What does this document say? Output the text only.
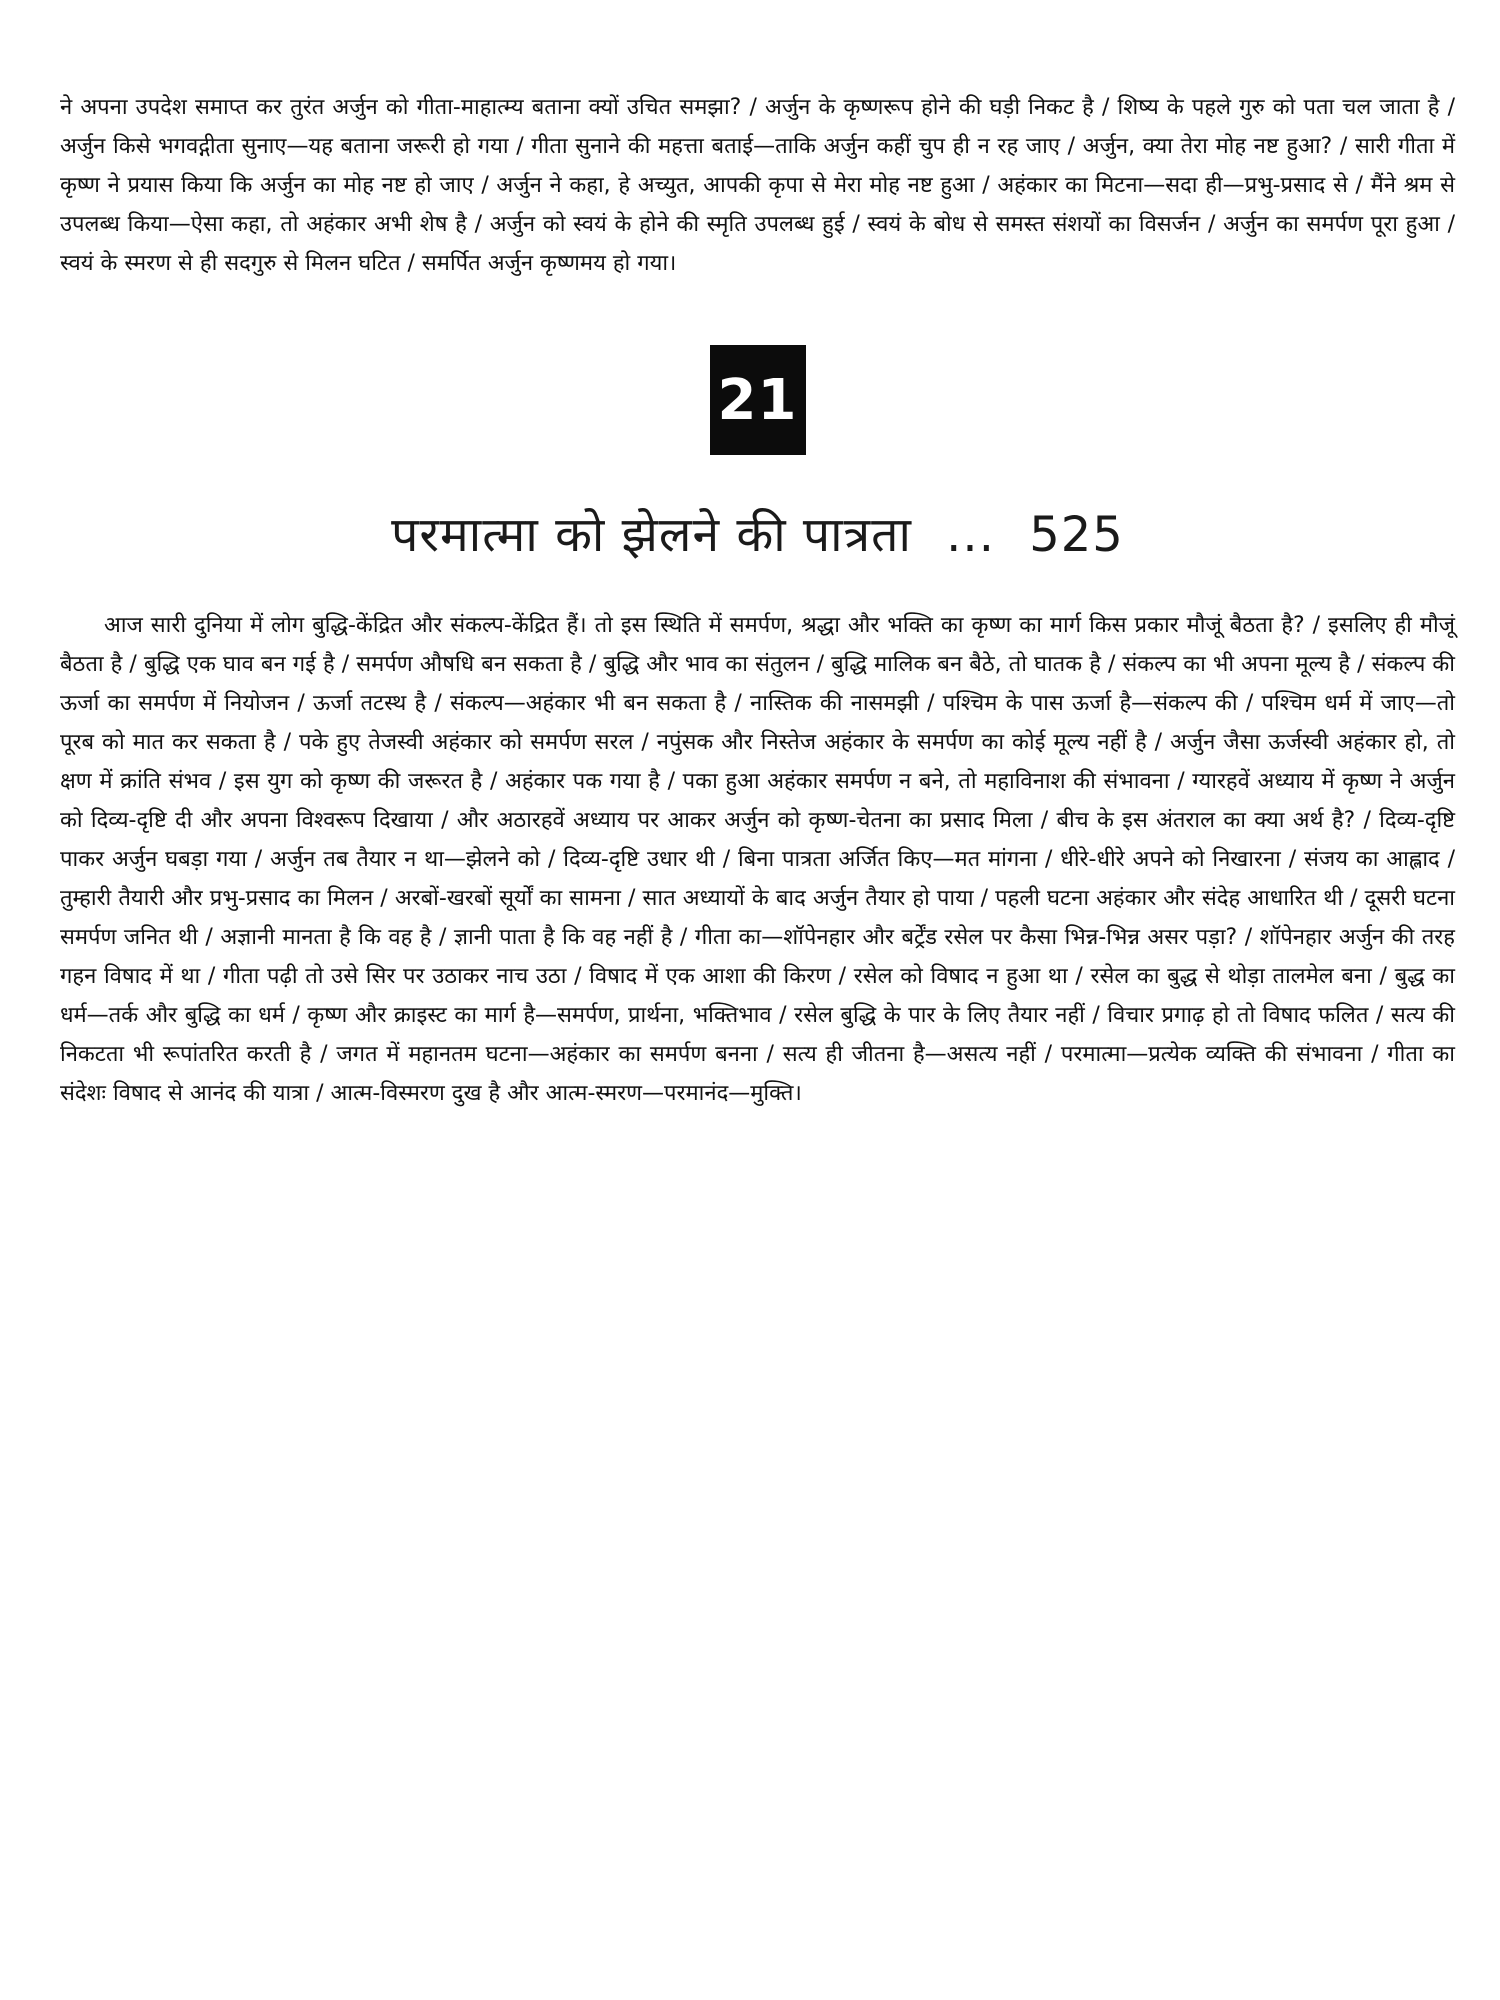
ने अपना उपदेश समाप्त कर तुरंत अर्जुन को गीता-माहात्म्य बताना क्यों उचित समझा? / अर्जुन के कृष्णरूप होने की घड़ी निकट है / शिष्य के पहले गुरु को पता चल जाता है / अर्जुन किसे भगवद्गीता सुनाए—यह बताना जरूरी हो गया / गीता सुनाने की महत्ता बताई—ताकि अर्जुन कहीं चुप ही न रह जाए / अर्जुन, क्या तेरा मोह नष्ट हुआ? / सारी गीता में कृष्ण ने प्रयास किया कि अर्जुन का मोह नष्ट हो जाए / अर्जुन ने कहा, हे अच्युत, आपकी कृपा से मेरा मोह नष्ट हुआ / अहंकार का मिटना—सदा ही—प्रभु-प्रसाद से / मैंने श्रम से उपलब्ध किया—ऐसा कहा, तो अहंकार अभी शेष है / अर्जुन को स्वयं के होने की स्मृति उपलब्ध हुई / स्वयं के बोध से समस्त संशयों का विसर्जन / अर्जुन का समर्पण पूरा हुआ / स्वयं के स्मरण से ही सदगुरु से मिलन घटित / समर्पित अर्जुन कृष्णमय हो गया।

21
परमात्मा को झेलने की पात्रता ... 525

आज सारी दुनिया में लोग बुद्धि-केंद्रित और संकल्प-केंद्रित हैं। तो इस स्थिति में समर्पण, श्रद्धा और भक्ति का कृष्ण का मार्ग किस प्रकार मौजूं बैठता है? / इसलिए ही मौजूं बैठता है / बुद्धि एक घाव बन गई है / समर्पण औषधि बन सकता है / बुद्धि और भाव का संतुलन / बुद्धि मालिक बन बैठे, तो घातक है / संकल्प का भी अपना मूल्य है / संकल्प की ऊर्जा का समर्पण में नियोजन / ऊर्जा तटस्थ है / संकल्प—अहंकार भी बन सकता है / नास्तिक की नासमझी / पश्चिम के पास ऊर्जा है—संकल्प की / पश्चिम धर्म में जाए—तो पूरब को मात कर सकता है / पके हुए तेजस्वी अहंकार को समर्पण सरल / नपुंसक और निस्तेज अहंकार के समर्पण का कोई मूल्य नहीं है / अर्जुन जैसा ऊर्जस्वी अहंकार हो, तो क्षण में क्रांति संभव / इस युग को कृष्ण की जरूरत है / अहंकार पक गया है / पका हुआ अहंकार समर्पण न बने, तो महाविनाश की संभावना / ग्यारहवें अध्याय में कृष्ण ने अर्जुन को दिव्य-दृष्टि दी और अपना विश्वरूप दिखाया / और अठारहवें अध्याय पर आकर अर्जुन को कृष्ण-चेतना का प्रसाद मिला / बीच के इस अंतराल का क्या अर्थ है? / दिव्य-दृष्टि पाकर अर्जुन घबड़ा गया / अर्जुन तब तैयार न था—झेलने को / दिव्य-दृष्टि उधार थी / बिना पात्रता अर्जित किए—मत मांगना / धीरे-धीरे अपने को निखारना / संजय का आह्लाद / तुम्हारी तैयारी और प्रभु-प्रसाद का मिलन / अरबों-खरबों सूर्यों का सामना / सात अध्यायों के बाद अर्जुन तैयार हो पाया / पहली घटना अहंकार और संदेह आधारित थी / दूसरी घटना समर्पण जनित थी / अज्ञानी मानता है कि वह है / ज्ञानी पाता है कि वह नहीं है / गीता का—शॉपेनहार और बर्ट्रेंड रसेल पर कैसा भिन्न-भिन्न असर पड़ा? / शॉपेनहार अर्जुन की तरह गहन विषाद में था / गीता पढ़ी तो उसे सिर पर उठाकर नाच उठा / विषाद में एक आशा की किरण / रसेल को विषाद न हुआ था / रसेल का बुद्ध से थोड़ा तालमेल बना / बुद्ध का धर्म—तर्क और बुद्धि का धर्म / कृष्ण और क्राइस्ट का मार्ग है—समर्पण, प्रार्थना, भक्तिभाव / रसेल बुद्धि के पार के लिए तैयार नहीं / विचार प्रगाढ़ हो तो विषाद फलित / सत्य की निकटता भी रूपांतरित करती है / जगत में महानतम घटना—अहंकार का समर्पण बनना / सत्य ही जीतना है—असत्य नहीं / परमात्मा—प्रत्येक व्यक्ति की संभावना / गीता का संदेशः विषाद से आनंद की यात्रा / आत्म-विस्मरण दुख है और आत्म-स्मरण—परमानंद—मुक्ति।
